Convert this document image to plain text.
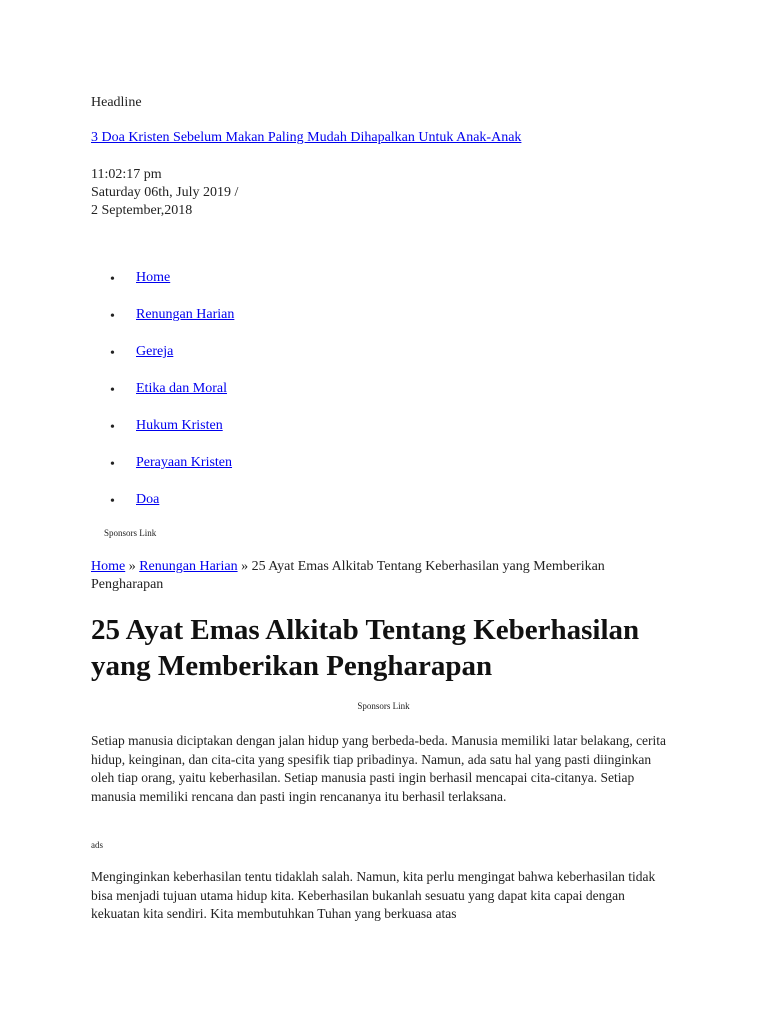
Headline
3 Doa Kristen Sebelum Makan Paling Mudah Dihapalkan Untuk Anak-Anak
11:02:17 pm
Saturday 06th, July 2019 /
2 September,2018
• Home
• Renungan Harian
• Gereja
• Etika dan Moral
• Hukum Kristen
• Perayaan Kristen
• Doa
Sponsors Link
Home » Renungan Harian » 25 Ayat Emas Alkitab Tentang Keberhasilan yang Memberikan Pengharapan
25 Ayat Emas Alkitab Tentang Keberhasilan yang Memberikan Pengharapan
Sponsors Link

Setiap manusia diciptakan dengan jalan hidup yang berbeda-beda. Manusia memiliki latar belakang, cerita hidup, keinginan, dan cita-cita yang spesifik tiap pribadinya. Namun, ada satu hal yang pasti diinginkan oleh tiap orang, yaitu keberhasilan. Setiap manusia pasti ingin berhasil mencapai cita-citanya. Setiap manusia memiliki rencana dan pasti ingin rencananya itu berhasil terlaksana.

ads

Menginginkan keberhasilan tentu tidaklah salah. Namun, kita perlu mengingat bahwa keberhasilan tidak bisa menjadi tujuan utama hidup kita. Keberhasilan bukanlah sesuatu yang dapat kita capai dengan kekuatan kita sendiri. Kita membutuhkan Tuhan yang berkuasa atas
